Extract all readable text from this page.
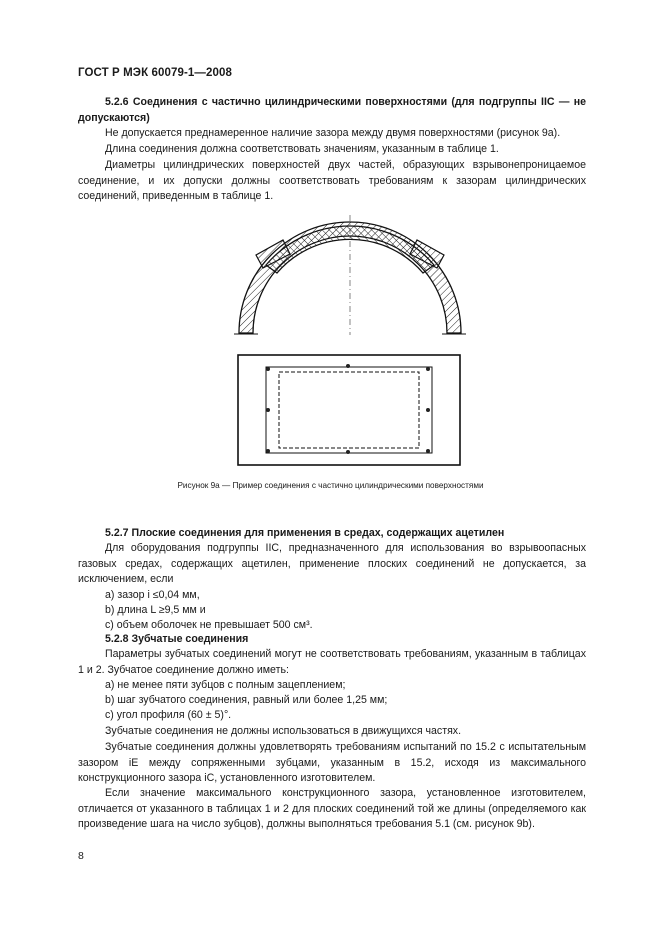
ГОСТ Р МЭК 60079-1—2008
5.2.6 Соединения с частично цилиндрическими поверхностями (для подгруппы IIC — не допускаются)
Не допускается преднамеренное наличие зазора между двумя поверхностями (рисунок 9а).
Длина соединения должна соответствовать значениям, указанным в таблице 1.
Диаметры цилиндрических поверхностей двух частей, образующих взрывонепроницаемое соединение, и их допуски должны соответствовать требованиям к зазорам цилиндрических соединений, приведенным в таблице 1.
Рисунок 9а — Пример соединения с частично цилиндрическими поверхностями
5.2.7 Плоские соединения для применения в средах, содержащих ацетилен
Для оборудования подгруппы IIC, предназначенного для использования во взрывоопасных газовых средах, содержащих ацетилен, применение плоских соединений не допускается, за исключением, если
a) зазор i ≤0,04 мм,
b) длина L ≥9,5 мм и
c) объем оболочек не превышает 500 см³.
5.2.8 Зубчатые соединения
Параметры зубчатых соединений могут не соответствовать требованиям, указанным в таблицах 1 и 2. Зубчатое соединение должно иметь:
a) не менее пяти зубцов с полным зацеплением;
b) шаг зубчатого соединения, равный или более 1,25 мм;
c) угол профиля (60 ± 5)°.
Зубчатые соединения не должны использоваться в движущихся частях.
Зубчатые соединения должны удовлетворять требованиям испытаний по 15.2 с испытательным зазором iE между сопряженными зубцами, указанным в 15.2, исходя из максимального конструкционного зазора iC, установленного изготовителем.
Если значение максимального конструкционного зазора, установленное изготовителем, отличается от указанного в таблицах 1 и 2 для плоских соединений той же длины (определяемого как произведение шага на число зубцов), должны выполняться требования 5.1 (см. рисунок 9b).
8
